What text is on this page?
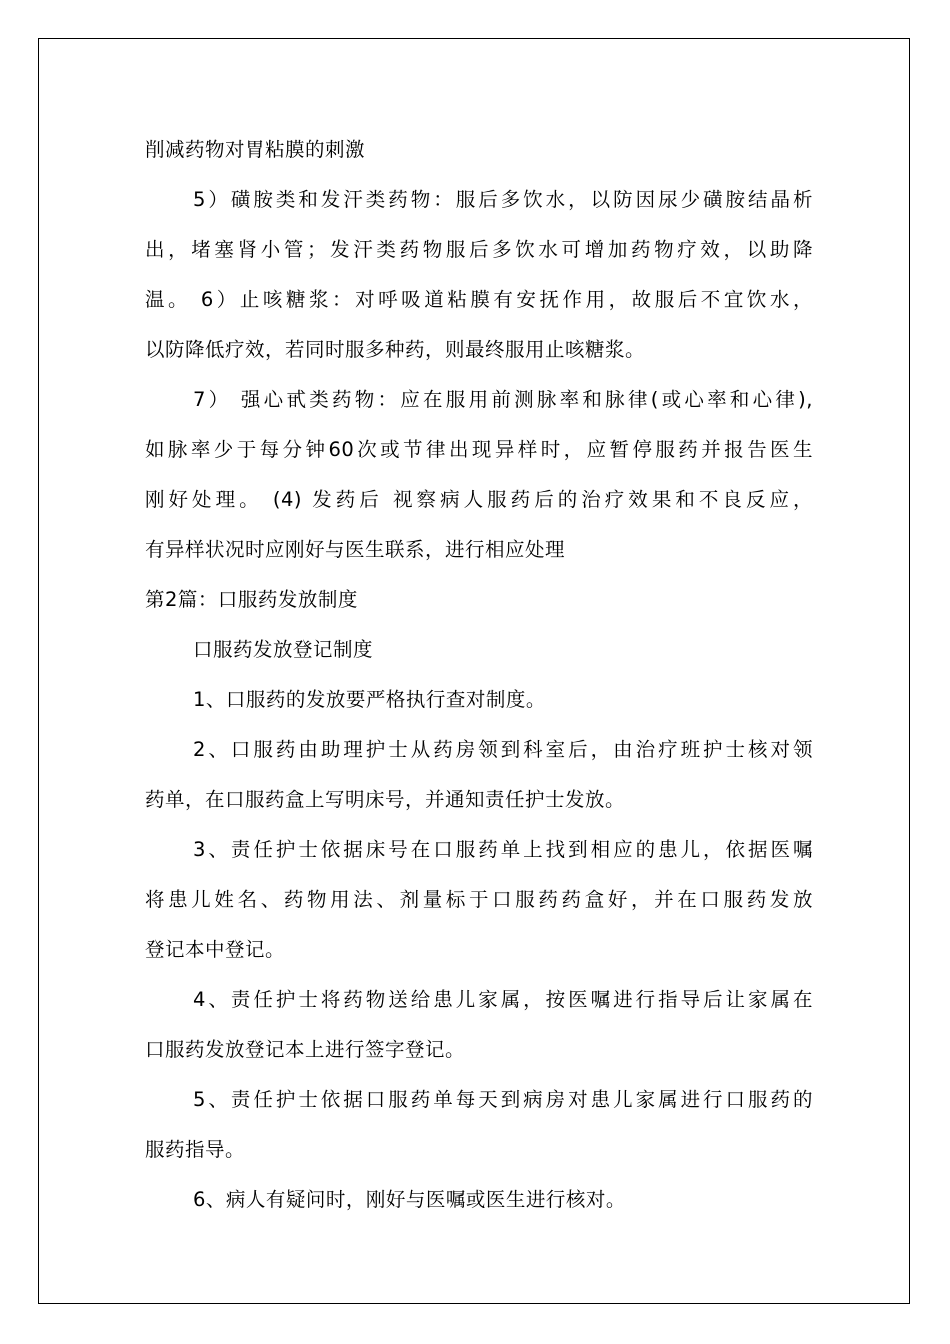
削减药物对胃粘膜的刺激
5）磺胺类和发汗类药物：服后多饮水，以防因尿少磺胺结晶析
出，堵塞肾小管；发汗类药物服后多饮水可增加药物疗效，以助降
温。 6）止咳糖浆：对呼吸道粘膜有安抚作用，故服后不宜饮水，
以防降低疗效，若同时服多种药，则最终服用止咳糖浆。
7） 强心甙类药物：应在服用前测脉率和脉律(或心率和心律),
如脉率少于每分钟60次或节律出现异样时，应暂停服药并报告医生
刚好处理。 (4) 发药后 视察病人服药后的治疗效果和不良反应，
有异样状况时应刚好与医生联系，进行相应处理
第2篇：口服药发放制度
口服药发放登记制度
1、口服药的发放要严格执行查对制度。
2、口服药由助理护士从药房领到科室后，由治疗班护士核对领
药单，在口服药盒上写明床号，并通知责任护士发放。
3、责任护士依据床号在口服药单上找到相应的患儿，依据医嘱
将患儿姓名、药物用法、剂量标于口服药药盒好，并在口服药发放
登记本中登记。
4、责任护士将药物送给患儿家属，按医嘱进行指导后让家属在
口服药发放登记本上进行签字登记。
5、责任护士依据口服药单每天到病房对患儿家属进行口服药的
服药指导。
6、病人有疑问时，刚好与医嘱或医生进行核对。
